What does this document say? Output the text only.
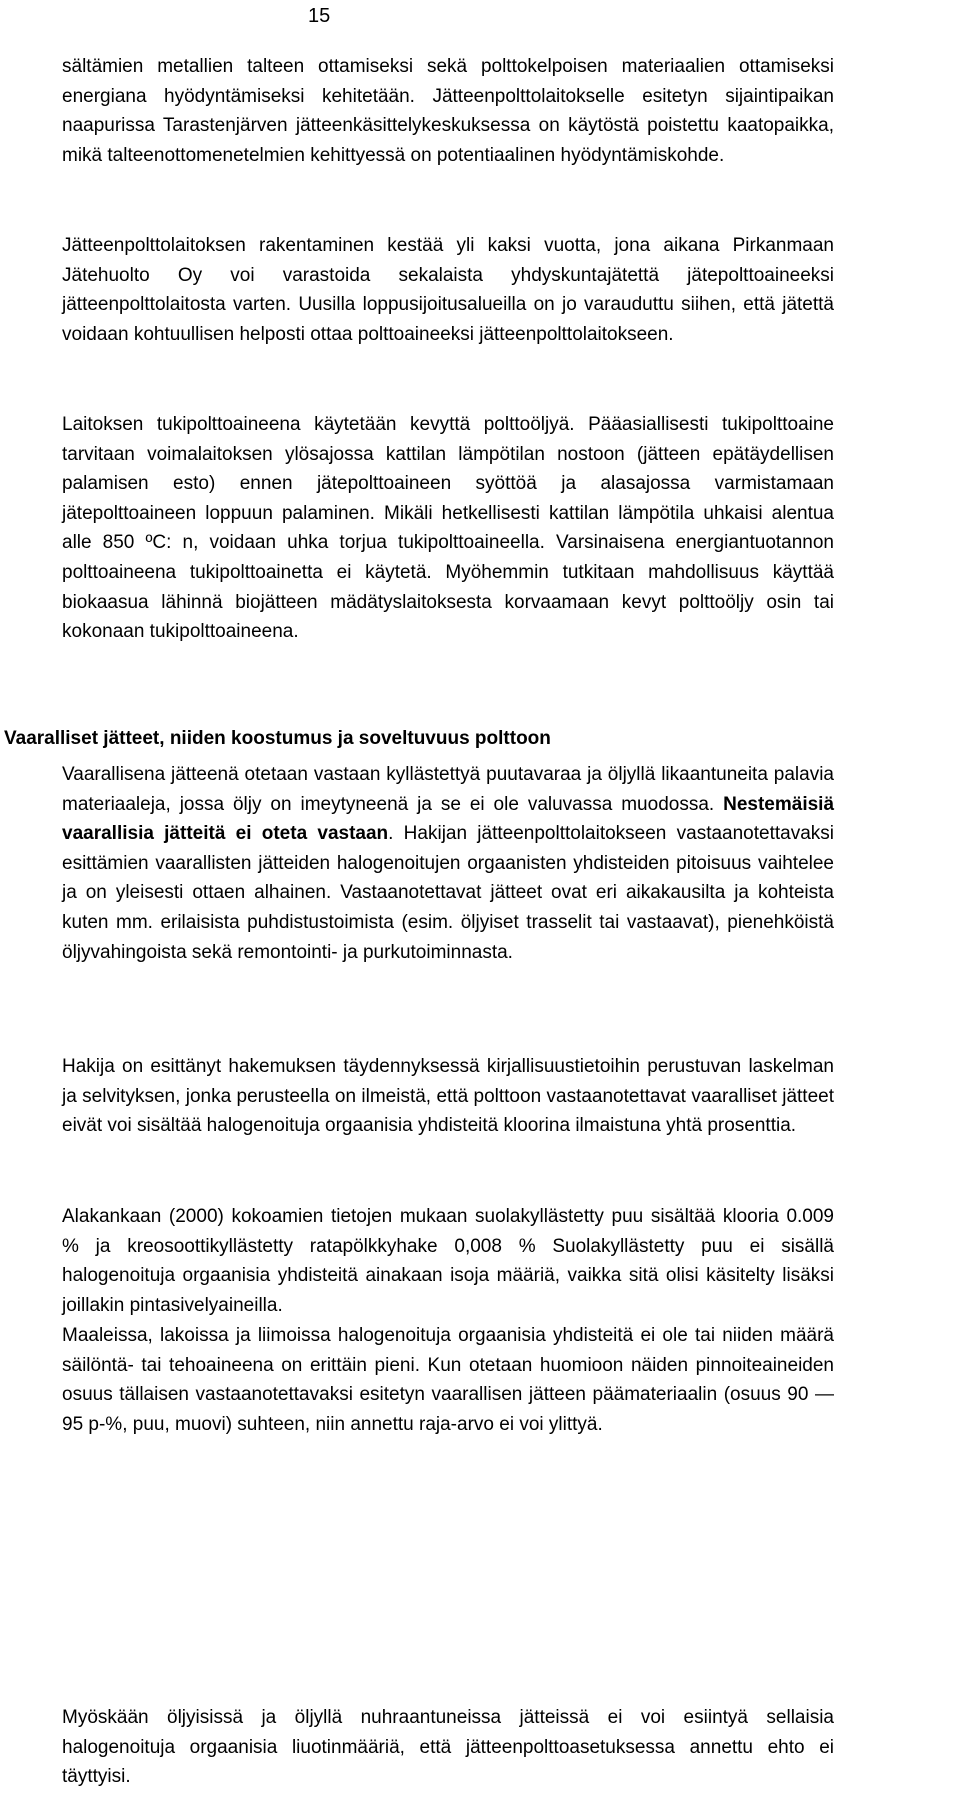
15

sältämien metallien talteen ottamiseksi sekä polttokelpoisen materiaalien ottamiseksi energiana hyödyntämiseksi kehitetään. Jätteenpolttolaitokselle esitetyn sijaintipaikan naapurissa Tarastenjärven jätteenkäsittelykeskuksessa on käytöstä poistettu kaatopaikka, mikä talteenottomenetelmien kehittyessä on potentiaalinen hyödyntämiskohde.

Jätteenpolttolaitoksen rakentaminen kestää yli kaksi vuotta, jona aikana Pirkanmaan Jätehuolto Oy voi varastoida sekalaista yhdyskuntajätettä jätepolttoaineeksi jätteenpolttolaitosta varten. Uusilla loppusijoitusalueilla on jo varauduttu siihen, että jätettä voidaan kohtuullisen helposti ottaa polttoaineeksi jätteenpolttolaitokseen.

Laitoksen tukipolttoaineena käytetään kevyttä polttoöljyä. Pääasiallisesti tukipolttoaine tarvitaan voimalaitoksen ylösajossa kattilan lämpötilan nostoon (jätteen epätäydellisen palamisen esto) ennen jätepolttoaineen syöttöä ja alasajossa varmistamaan jätepolttoaineen loppuun palaminen. Mikäli hetkellisesti kattilan lämpötila uhkaisi alentua alle 850 ºC: n, voidaan uhka torjua tukipolttoaineella. Varsinaisena energiantuotannon polttoaineena tukipolttoainetta ei käytetä. Myöhemmin tutkitaan mahdollisuus käyttää biokaasua lähinnä biojätteen mädätyslaitoksesta korvaamaan kevyt polttoöljy osin tai kokonaan tukipolttoaineena.

Vaaralliset jätteet, niiden koostumus ja soveltuvuus polttoon

Vaarallisena jätteenä otetaan vastaan kyllästettyä puutavaraa ja öljyllä likaantuneita palavia materiaaleja, jossa öljy on imeytyneenä ja se ei ole valuvassa muodossa. Nestemäisiä vaarallisia jätteitä ei oteta vastaan. Hakijan jätteenpolttolaitokseen vastaanotettavaksi esittämien vaarallisten jätteiden halogenoitujen orgaanisten yhdisteiden pitoisuus vaihtelee ja on yleisesti ottaen alhainen. Vastaanotettavat jätteet ovat eri aikakausilta ja kohteista kuten mm. erilaisista puhdistustoimista (esim. öljyiset trasselit tai vastaavat), pienehköistä öljyvahingoista sekä remontointi- ja purkutoiminnasta.

Hakija on esittänyt hakemuksen täydennyksessä kirjallisuustietoihin perustuvan laskelman ja selvityksen, jonka perusteella on ilmeistä, että polttoon vastaanotettavat vaaralliset jätteet eivät voi sisältää halogenoituja orgaanisia yhdisteitä kloorina ilmaistuna yhtä prosenttia.

Alakankaan (2000) kokoamien tietojen mukaan suolakyllästetty puu sisältää klooria 0.009 % ja kreosoottikyllästetty ratapölkkyhake 0,008 % Suolakyllästetty puu ei sisällä halogenoituja orgaanisia yhdisteitä ainakaan isoja määriä, vaikka sitä olisi käsitelty lisäksi joillakin pintasivelyaineilla.

Maaleissa, lakoissa ja liimoissa halogenoituja orgaanisia yhdisteitä ei ole tai niiden määrä säilöntä- tai tehoaineena on erittäin pieni. Kun otetaan huomioon näiden pinnoiteaineiden osuus tällaisen vastaanotettavaksi esitetyn vaarallisen jätteen päämateriaalin (osuus 90 — 95 p-%, puu, muovi) suhteen, niin annettu raja-arvo ei voi ylittyä.

Myöskään öljyisissä ja öljyllä nuhraantuneissa jätteissä ei voi esiintyä sellaisia halogenoituja orgaanisia liuotinmääriä, että jätteenpolttoasetuksessa annettu ehto ei täyttyisi.
